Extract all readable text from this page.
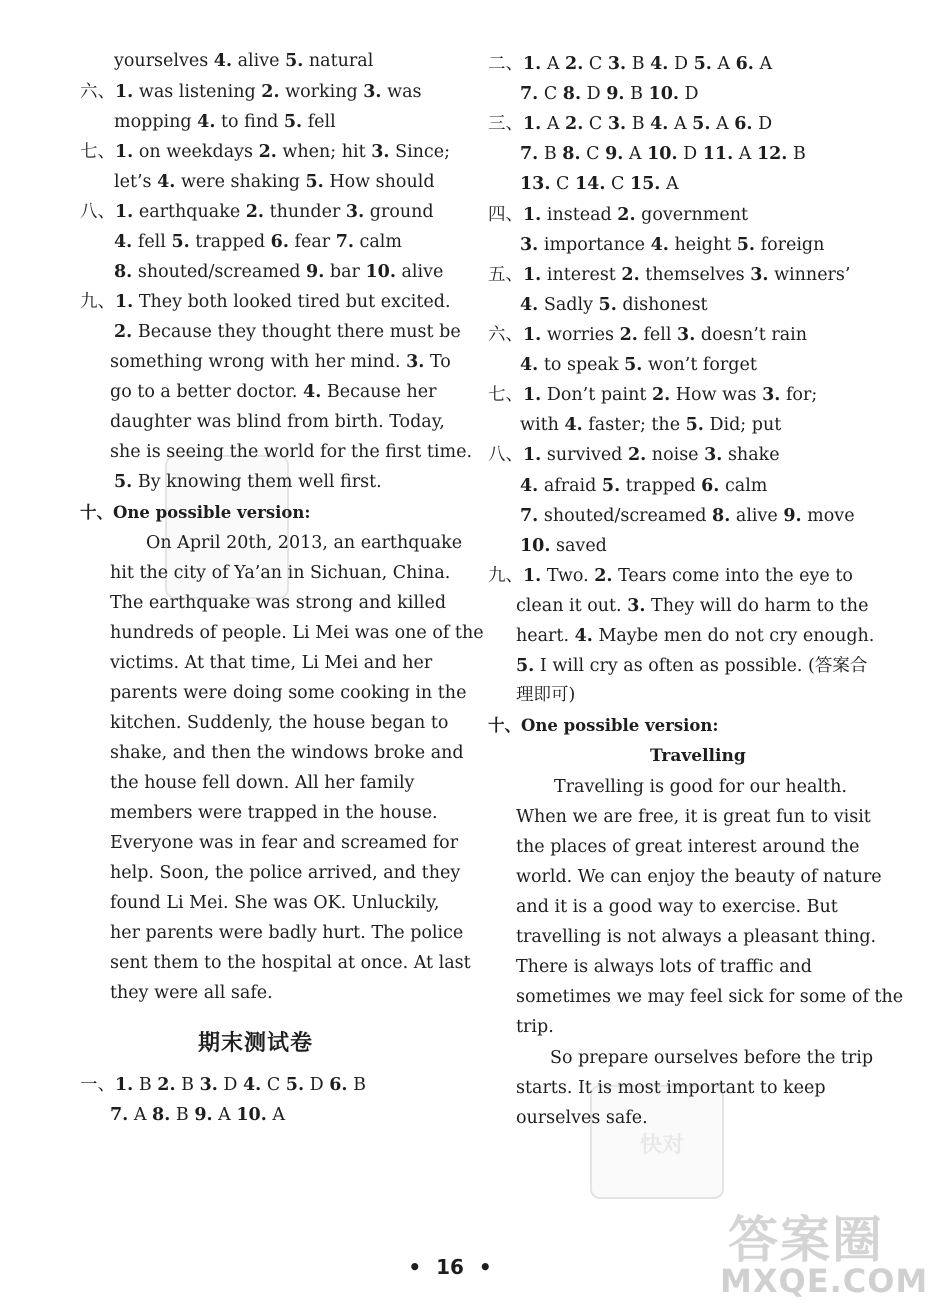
快对
答案圈
MXQE.COM
yourselves 4. alive 5. natural
六、1. was listening 2. working 3. was
mopping 4. to find 5. fell
七、1. on weekdays 2. when; hit 3. Since;
let’s 4. were shaking 5. How should
八、1. earthquake 2. thunder 3. ground
4. fell 5. trapped 6. fear 7. calm
8. shouted/screamed 9. bar 10. alive
九、1. They both looked tired but excited.
2. Because they thought there must be
something wrong with her mind. 3. To
go to a better doctor. 4. Because her
daughter was blind from birth. Today,
she is seeing the world for the first time.
5. By knowing them well first.
十、One possible version:
On April 20th, 2013, an earthquake
hit the city of Ya’an in Sichuan, China.
The earthquake was strong and killed
hundreds of people. Li Mei was one of the
victims. At that time, Li Mei and her
parents were doing some cooking in the
kitchen. Suddenly, the house began to
shake, and then the windows broke and
the house fell down. All her family
members were trapped in the house.
Everyone was in fear and screamed for
help. Soon, the police arrived, and they
found Li Mei. She was OK. Unluckily,
her parents were badly hurt. The police
sent them to the hospital at once. At last
they were all safe.
期末测试卷
一、1. B 2. B 3. D 4. C 5. D 6. B
7. A 8. B 9. A 10. A
二、1. A 2. C 3. B 4. D 5. A 6. A
7. C 8. D 9. B 10. D
三、1. A 2. C 3. B 4. A 5. A 6. D
7. B 8. C 9. A 10. D 11. A 12. B
13. C 14. C 15. A
四、1. instead 2. government
3. importance 4. height 5. foreign
五、1. interest 2. themselves 3. winners’
4. Sadly 5. dishonest
六、1. worries 2. fell 3. doesn’t rain
4. to speak 5. won’t forget
七、1. Don’t paint 2. How was 3. for;
with 4. faster; the 5. Did; put
八、1. survived 2. noise 3. shake
4. afraid 5. trapped 6. calm
7. shouted/screamed 8. alive 9. move
10. saved
九、1. Two. 2. Tears come into the eye to
clean it out. 3. They will do harm to the
heart. 4. Maybe men do not cry enough.
5. I will cry as often as possible. (答案合
理即可)
十、One possible version:
Travelling
Travelling is good for our health.
When we are free, it is great fun to visit
the places of great interest around the
world. We can enjoy the beauty of nature
and it is a good way to exercise. But
travelling is not always a pleasant thing.
There is always lots of traffic and
sometimes we may feel sick for some of the
trip.
So prepare ourselves before the trip
starts. It is most important to keep
ourselves safe.
• 16 •
